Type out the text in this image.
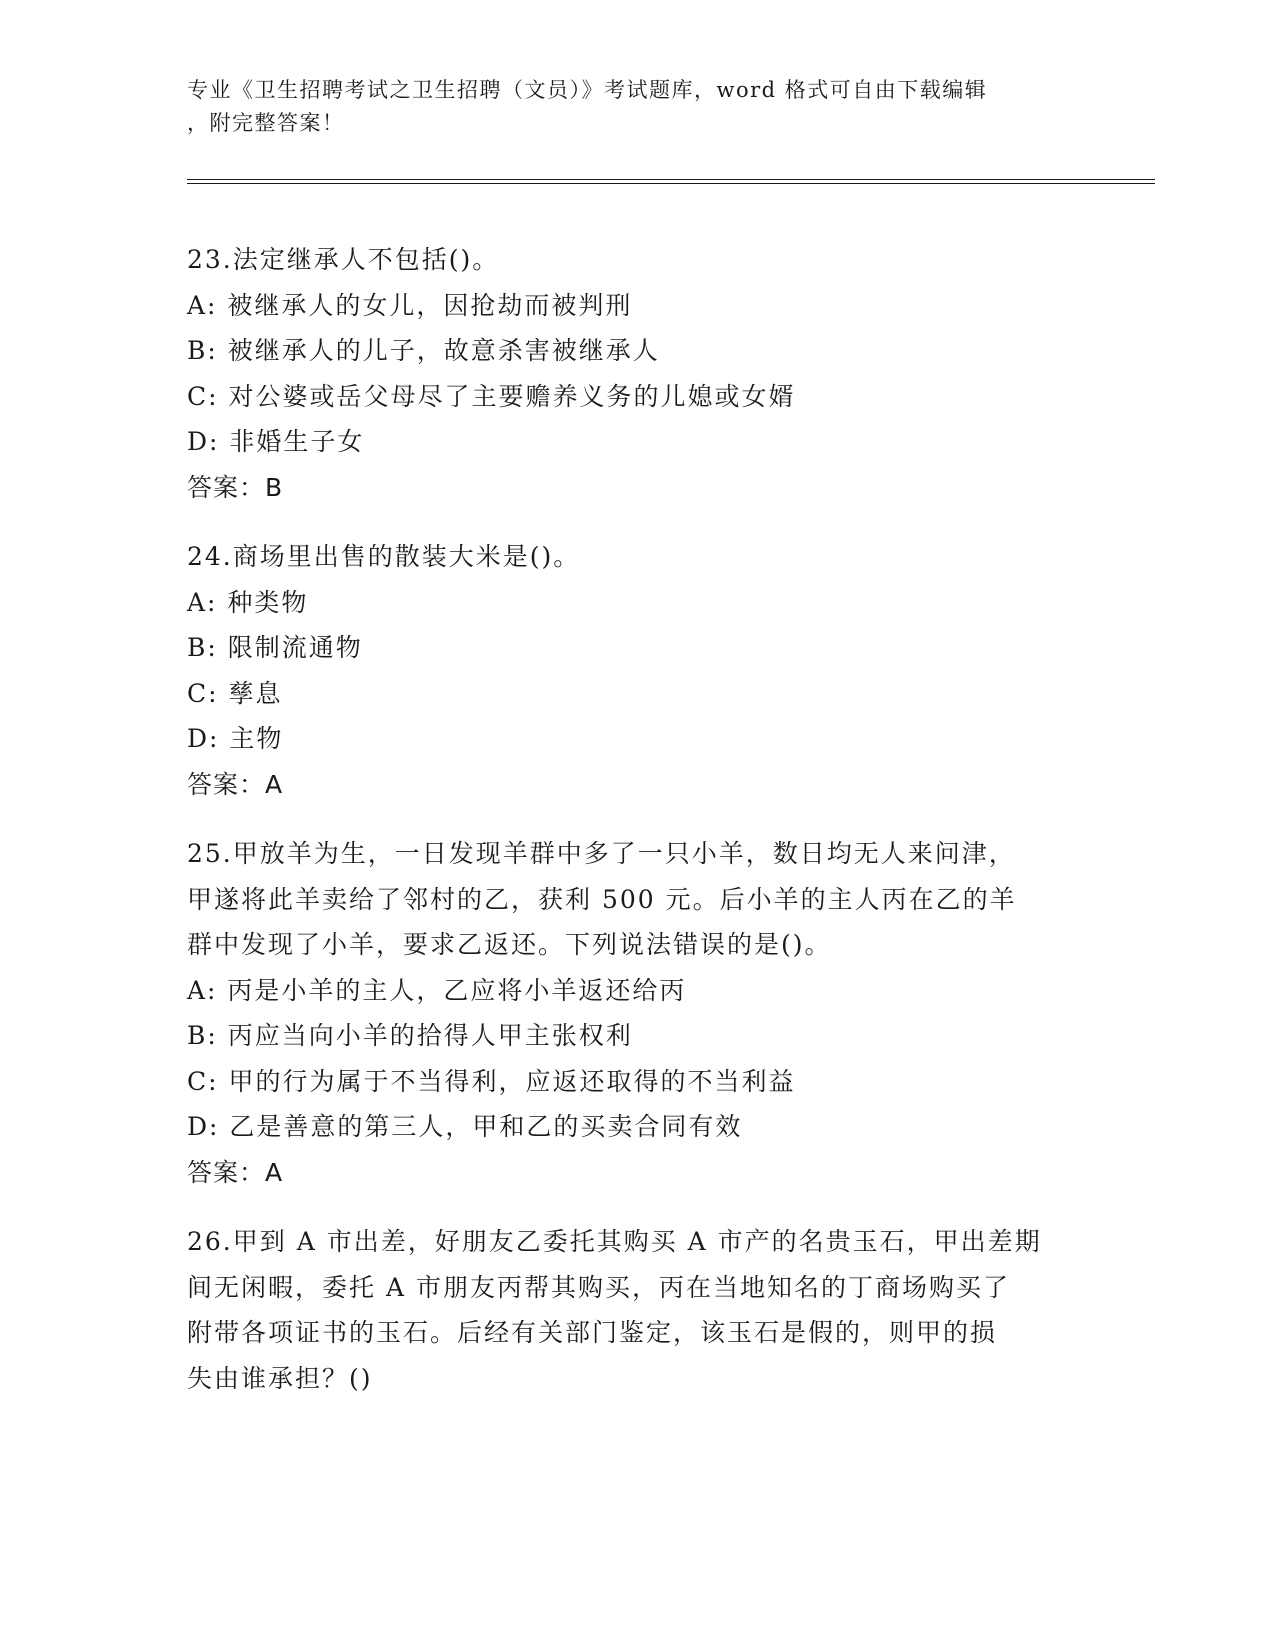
专业《卫生招聘考试之卫生招聘（文员）》考试题库，word 格式可自由下载编辑
，附完整答案！
23.法定继承人不包括()。
A: 被继承人的女儿，因抢劫而被判刑
B: 被继承人的儿子，故意杀害被继承人
C: 对公婆或岳父母尽了主要赡养义务的儿媳或女婿
D: 非婚生子女
答案：B
24.商场里出售的散装大米是()。
A: 种类物
B: 限制流通物
C: 孳息
D: 主物
答案：A
25.甲放羊为生，一日发现羊群中多了一只小羊，数日均无人来问津，
甲遂将此羊卖给了邻村的乙，获利 500 元。后小羊的主人丙在乙的羊
群中发现了小羊，要求乙返还。下列说法错误的是()。
A: 丙是小羊的主人，乙应将小羊返还给丙
B: 丙应当向小羊的拾得人甲主张权利
C: 甲的行为属于不当得利，应返还取得的不当利益
D: 乙是善意的第三人，甲和乙的买卖合同有效
答案：A
26.甲到 A 市出差，好朋友乙委托其购买 A 市产的名贵玉石，甲出差期
间无闲暇，委托 A 市朋友丙帮其购买，丙在当地知名的丁商场购买了
附带各项证书的玉石。后经有关部门鉴定，该玉石是假的，则甲的损
失由谁承担？()
